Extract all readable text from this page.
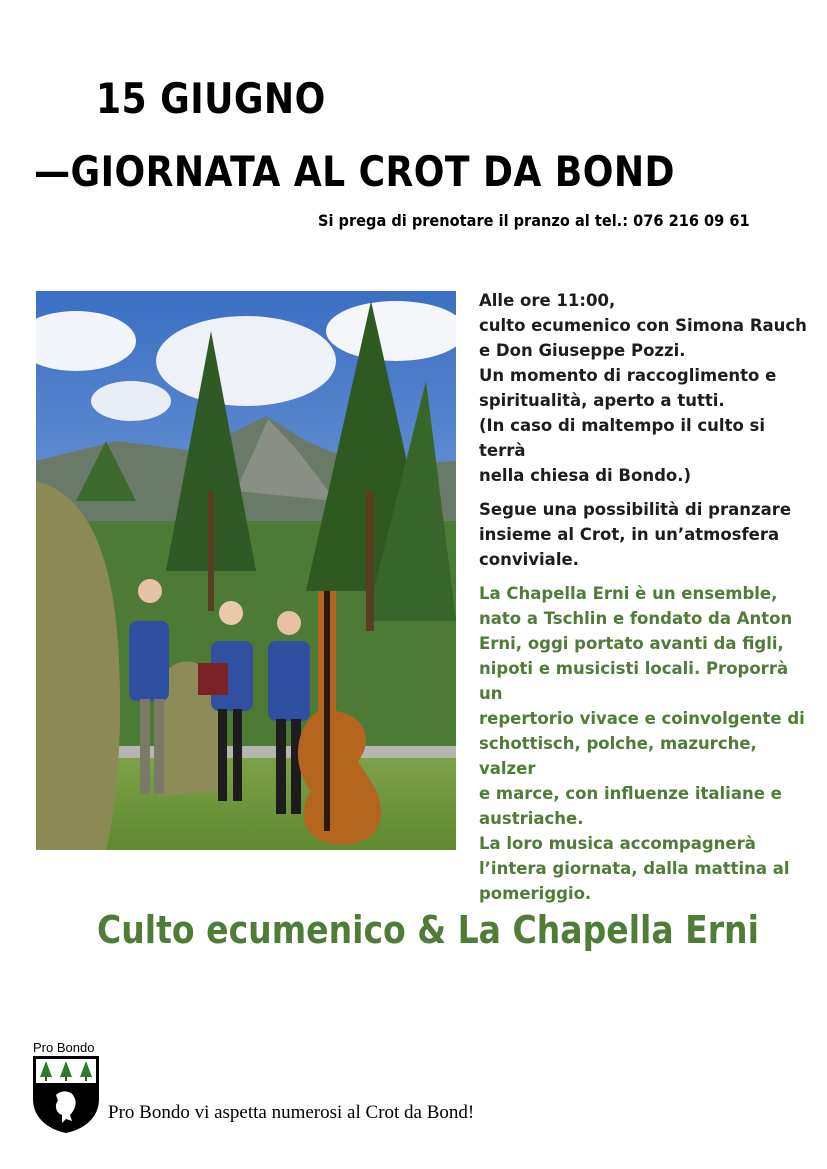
15 GIUGNO
—GIORNATA AL CROT DA BOND
Si prega di prenotare il pranzo al tel.: 076 216 09 61

Alle ore 11:00,
culto ecumenico con Simona Rauch
e Don Giuseppe Pozzi.
Un momento di raccoglimento e
spiritualità, aperto a tutti.
(In caso di maltempo il culto si terrà
nella chiesa di Bondo.)

Segue una possibilità di pranzare
insieme al Crot, in un’atmosfera
conviviale.

La Chapella Erni è un ensemble,
nato a Tschlin e fondato da Anton
Erni, oggi portato avanti da figli,
nipoti e musicisti locali. Proporrà un
repertorio vivace e coinvolgente di
schottisch, polche, mazurche, valzer
e marce, con influenze italiane e
austriache.
La loro musica accompagnerà
l’intera giornata, dalla mattina al
pomeriggio.

Culto ecumenico & La Chapella Erni
Pro Bondo
Pro Bondo vi aspetta numerosi al Crot da Bond!
